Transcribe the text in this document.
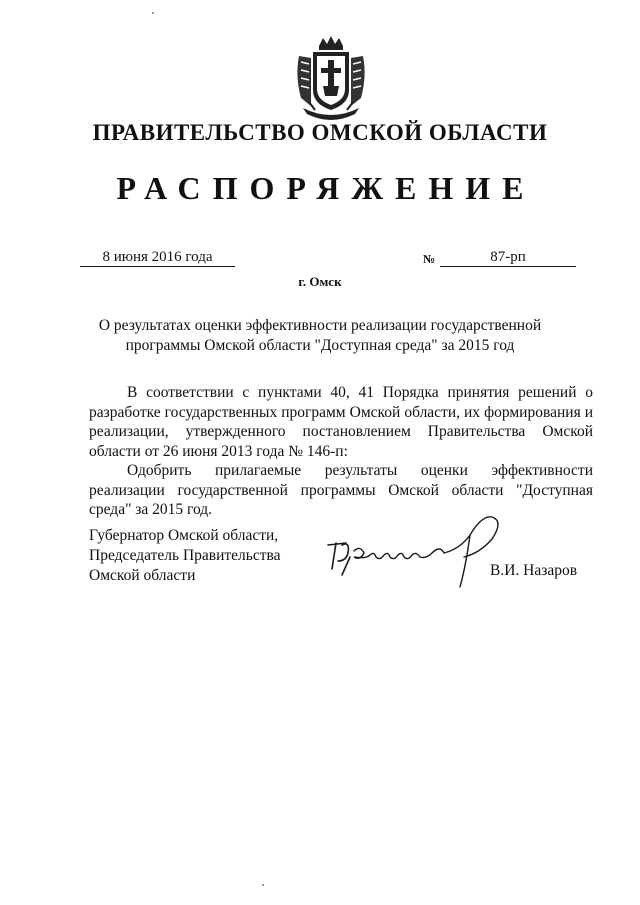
ПРАВИТЕЛЬСТВО ОМСКОЙ ОБЛАСТИ
РАСПОРЯЖЕНИЕ
8 июня 2016 года	№	87-рп
г. Омск
О результатах оценки эффективности реализации государственной программы Омской области "Доступная среда" за 2015 год

В соответствии с пунктами 40, 41 Порядка принятия решений о разработке государственных программ Омской области, их формирования и реализации, утвержденного постановлением Правительства Омской области от 26 июня 2013 года № 146-п:

Одобрить прилагаемые результаты оценки эффективности реализации государственной программы Омской области "Доступная среда" за 2015 год.

Губернатор Омской области,
Председатель Правительства
Омской области	В.И. Назаров
